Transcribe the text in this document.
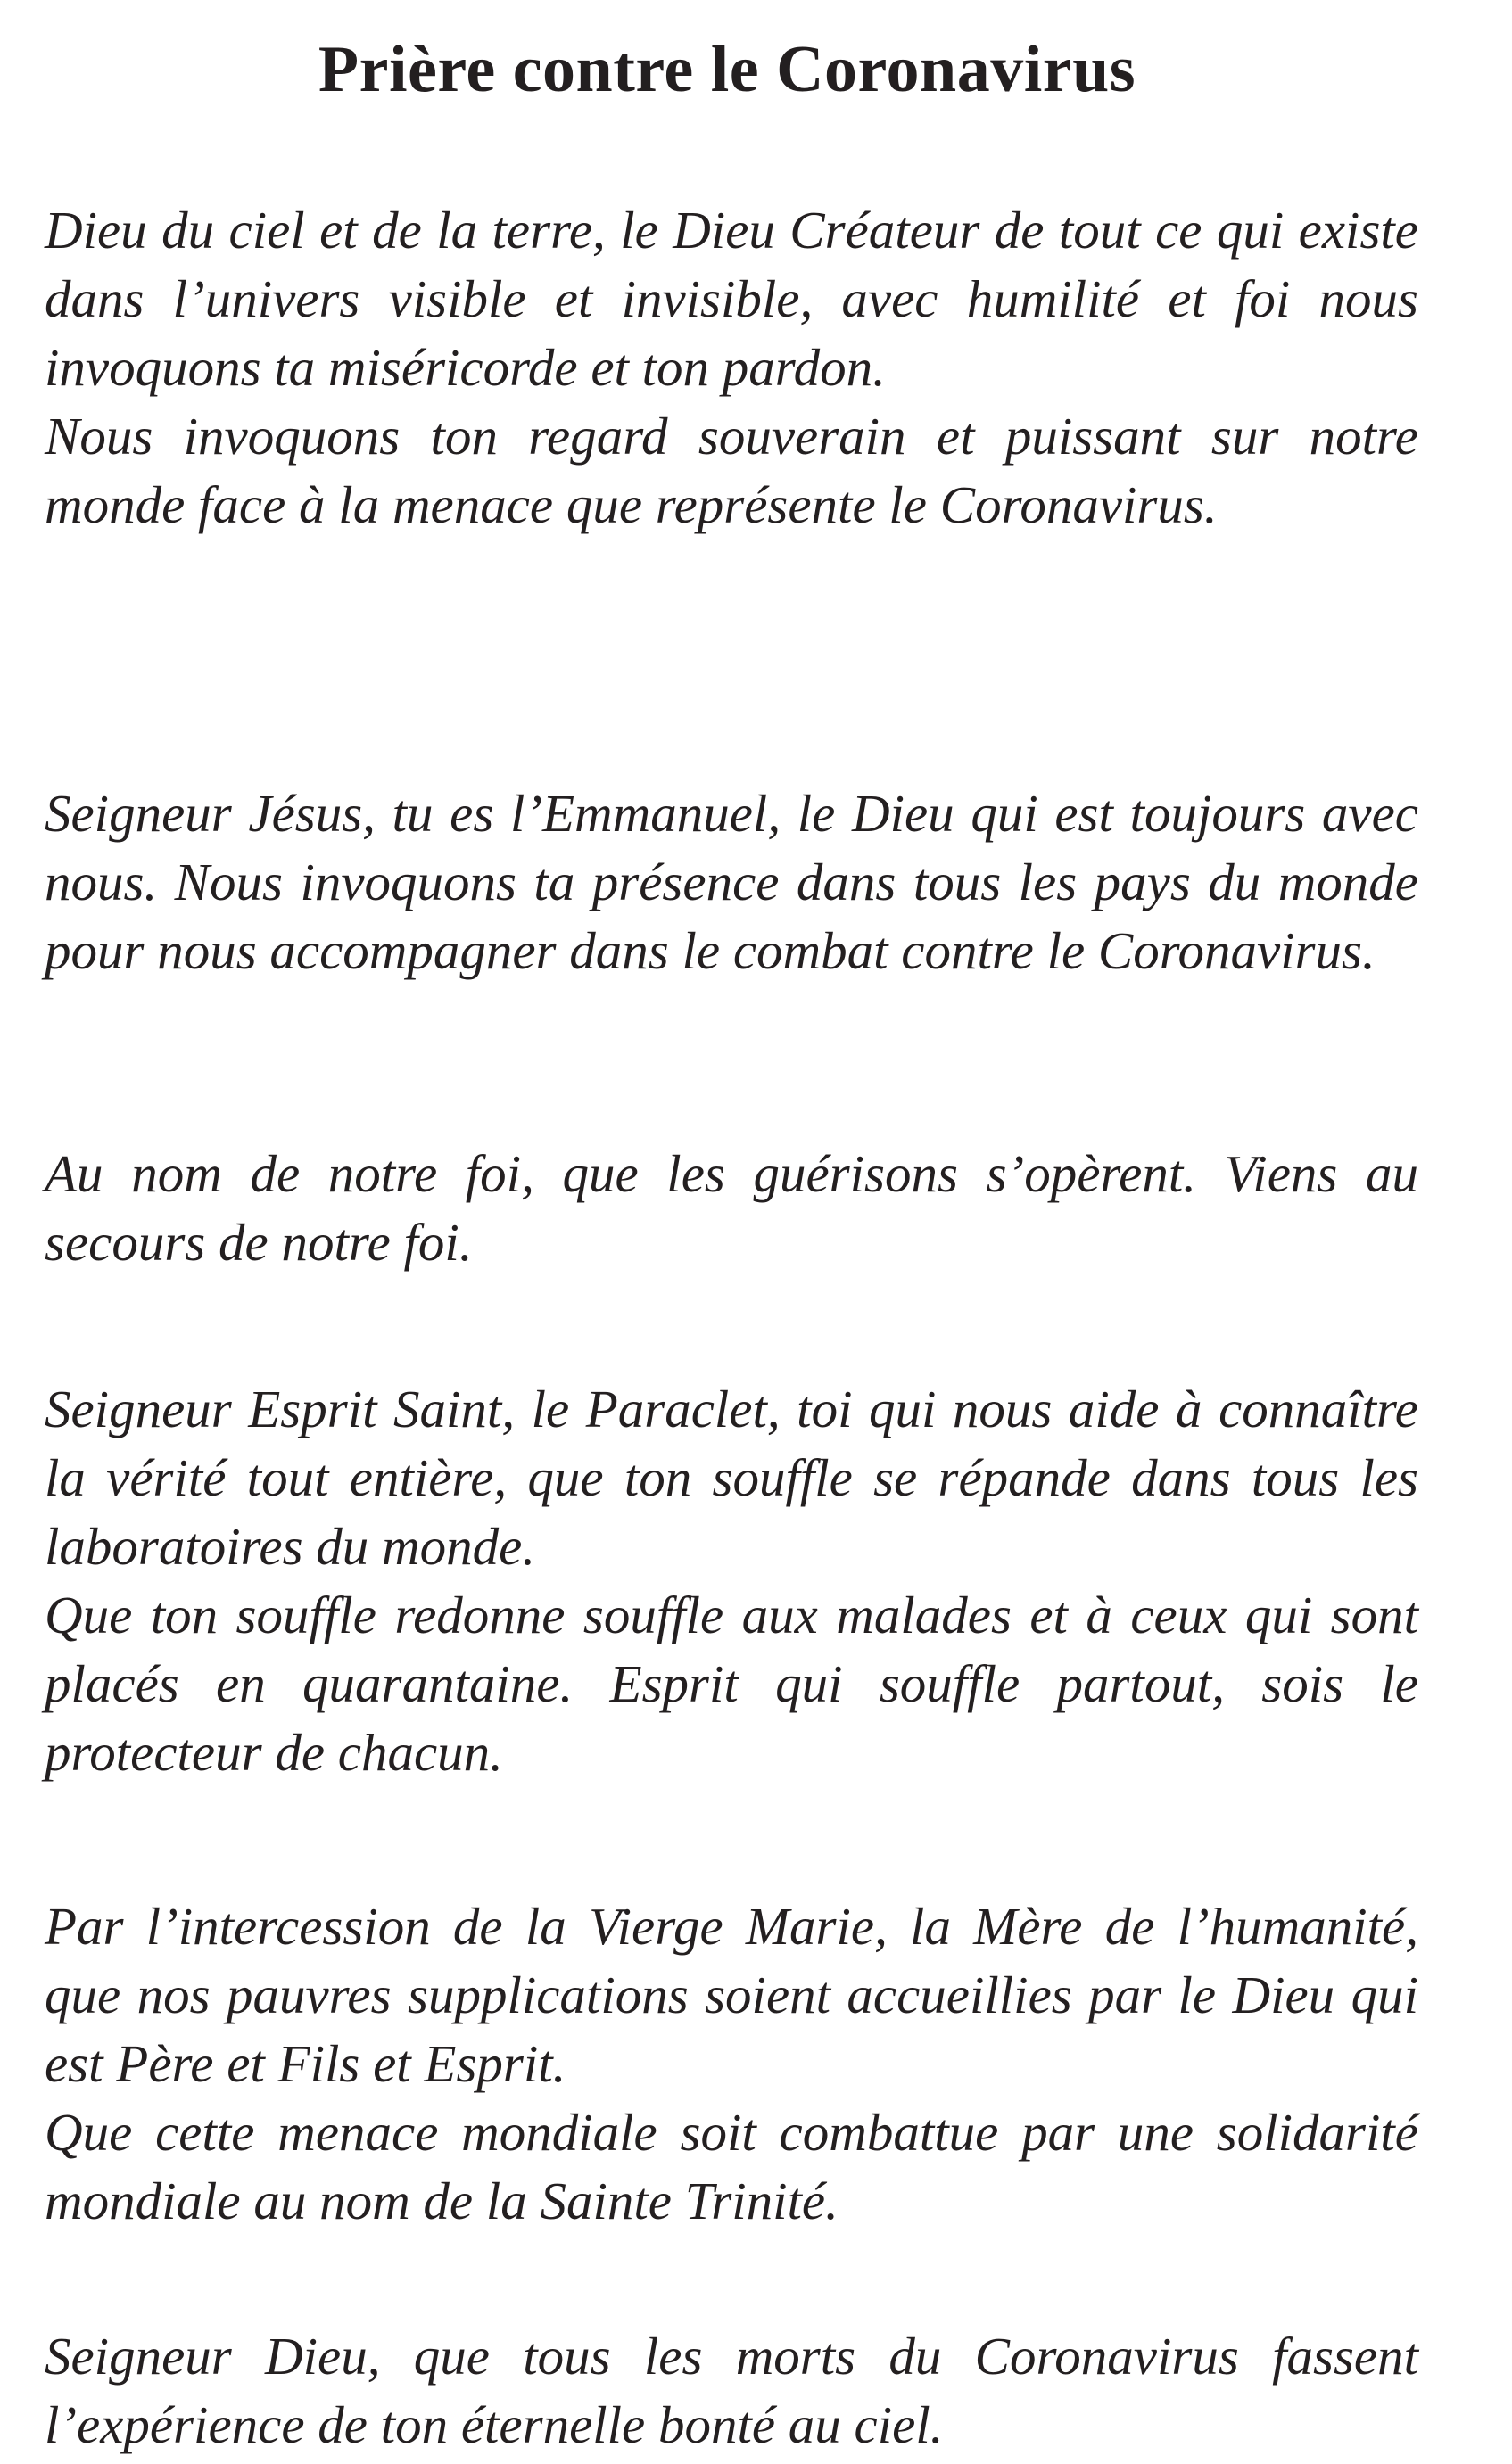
Prière contre le Coronavirus
Dieu du ciel et de la terre, le Dieu Créateur de tout ce qui existe dans l’univers visible et invisible, avec humilité et foi nous invoquons ta miséricorde et ton pardon.
Nous invoquons ton regard souverain et puissant sur notre monde face à la menace que représente le Coronavirus.
Seigneur Jésus, tu es l’Emmanuel, le Dieu qui est toujours avec nous. Nous invoquons ta présence dans tous les pays du monde pour nous accompagner dans le combat contre le Coronavirus.
Au nom de notre foi, que les guérisons s’opèrent. Viens au secours de notre foi.
Seigneur Esprit Saint, le Paraclet, toi qui nous aide à connaître la vérité tout entière, que ton souffle se répande dans tous les laboratoires du monde.
Que ton souffle redonne souffle aux malades et à ceux qui sont placés en quarantaine. Esprit qui souffle partout, sois le protecteur de chacun.
Par l’intercession de la Vierge Marie, la Mère de l’humanité, que nos pauvres supplications soient accueillies par le Dieu qui est Père et Fils et Esprit.
Que cette menace mondiale soit combattue par une solidarité mondiale au nom de la Sainte Trinité.
Seigneur Dieu, que tous les morts du Coronavirus fassent l’expérience de ton éternelle bonté au ciel.
